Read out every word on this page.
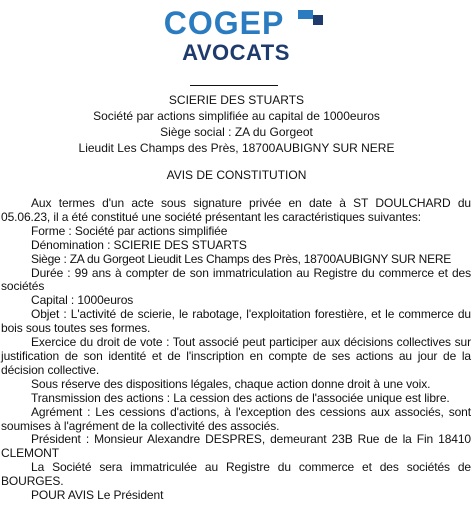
COGEP
AVOCATS
SCIERIE DES STUARTS
Société par actions simplifiée au capital de 1000euros
Siège social : ZA du Gorgeot
Lieudit Les Champs des Près, 18700AUBIGNY SUR NERE
AVIS DE CONSTITUTION

Aux termes d'un acte sous signature privée en date à ST DOULCHARD du 05.06.23, il a été constitué une société présentant les caractéristiques suivantes:

Forme : Société par actions simplifiée

Dénomination : SCIERIE DES STUARTS

Siège : ZA du Gorgeot Lieudit Les Champs des Près, 18700AUBIGNY SUR NERE

Durée : 99 ans à compter de son immatriculation au Registre du commerce et des sociétés

Capital : 1000euros

Objet : L'activité de scierie, le rabotage, l'exploitation forestière, et le commerce du bois sous toutes ses formes.

Exercice du droit de vote : Tout associé peut participer aux décisions collectives sur justification de son identité et de l'inscription en compte de ses actions au jour de la décision collective.

Sous réserve des dispositions légales, chaque action donne droit à une voix.

Transmission des actions : La cession des actions de l'associée unique est libre.

Agrément : Les cessions d'actions, à l'exception des cessions aux associés, sont soumises à l'agrément de la collectivité des associés.

Président : Monsieur Alexandre DESPRES, demeurant 23B Rue de la Fin 18410 CLEMONT

La Société sera immatriculée au Registre du commerce et des sociétés de BOURGES.

POUR AVIS Le Président
